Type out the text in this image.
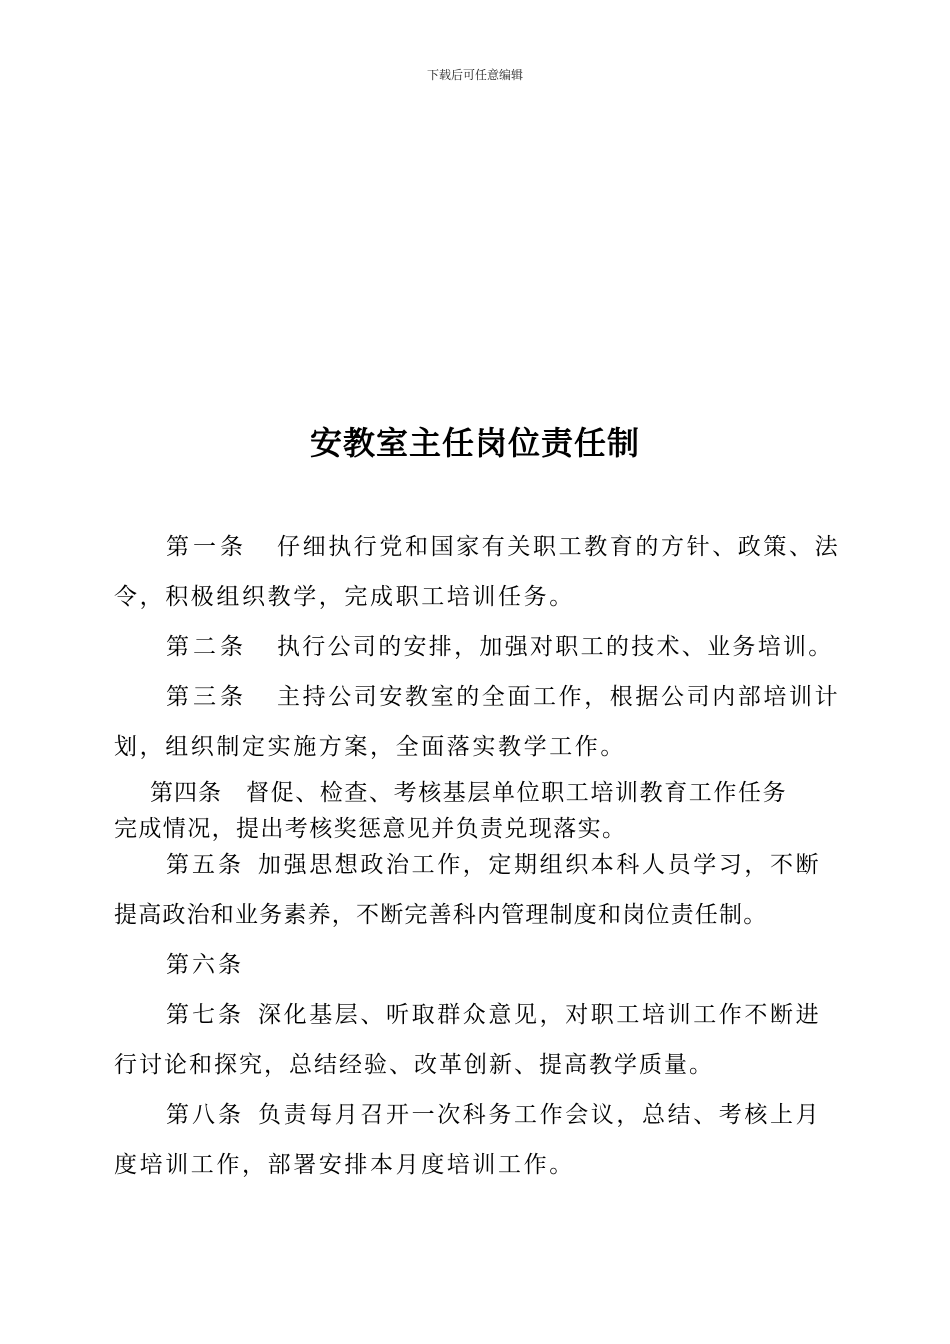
下载后可任意编辑
安教室主任岗位责任制
第一条 仔细执行党和国家有关职工教育的方针、政策、法
令，积极组织教学，完成职工培训任务。
第二条 执行公司的安排，加强对职工的技术、业务培训。
第三条 主持公司安教室的全面工作，根据公司内部培训计
划，组织制定实施方案，全面落实教学工作。
第四条 督促、检查、考核基层单位职工培训教育工作任务
完成情况，提出考核奖惩意见并负责兑现落实。
第五条 加强思想政治工作，定期组织本科人员学习，不断
提高政治和业务素养，不断完善科内管理制度和岗位责任制。
第六条
第七条 深化基层、听取群众意见，对职工培训工作不断进
行讨论和探究，总结经验、改革创新、提高教学质量。
第八条 负责每月召开一次科务工作会议，总结、考核上月
度培训工作，部署安排本月度培训工作。
